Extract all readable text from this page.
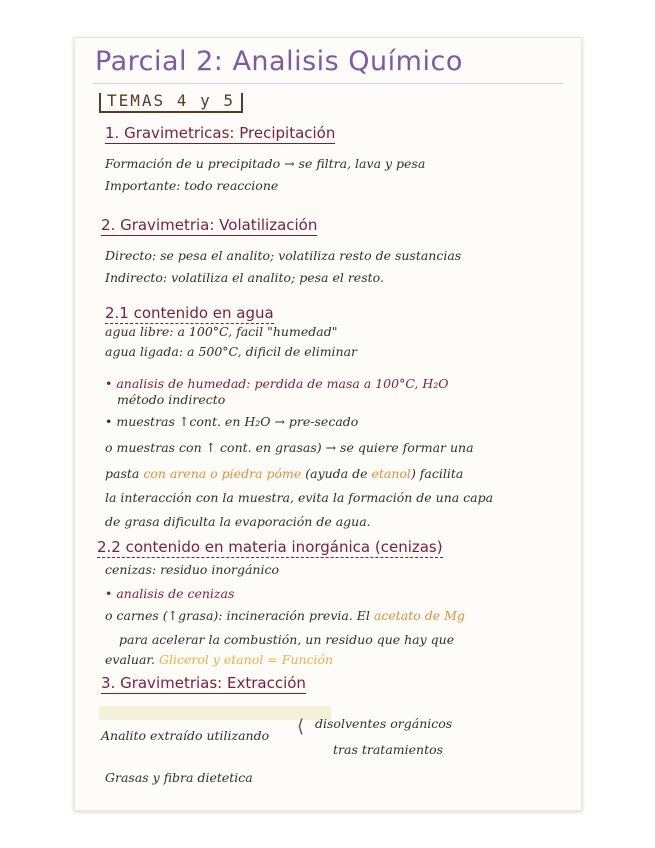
Parcial 2: Analisis Químico
TEMAS 4 y 5
1. Gravimetricas: Precipitación
Formación de u precipitado → se filtra, lava y pesa
Importante: todo reaccione
2. Gravimetria: Volatilización
Directo: se pesa el analito; volatiliza resto de sustancias
Indirecto: volatiliza el analito; pesa el resto.
2.1 contenido en agua
agua libre: a 100°C, facil "humedad"
agua ligada: a 500°C, dificil de eliminar
• analisis de humedad: perdida de masa a 100°C, H₂O
método indirecto
• muestras ↑cont. en H₂O → pre-secado
o muestras con ↑ cont. en grasas) → se quiere formar una
pasta con arena o piedra póme (ayuda de etanol) facilita
la interacción con la muestra, evita la formación de una capa
de grasa dificulta la evaporación de agua.
2.2 contenido en materia inorgánica (cenizas)
cenizas: residuo inorgánico
• analisis de cenizas
o carnes (↑grasa): incineración previa. El acetato de Mg
para acelerar la combustión, un residuo que hay que
evaluar. Glicerol y etanol = Función
3. Gravimetrias: Extracción
Analito extraído utilizando ⟨ disolventes orgánicos
tras tratamientos
Grasas y fibra dietetica
